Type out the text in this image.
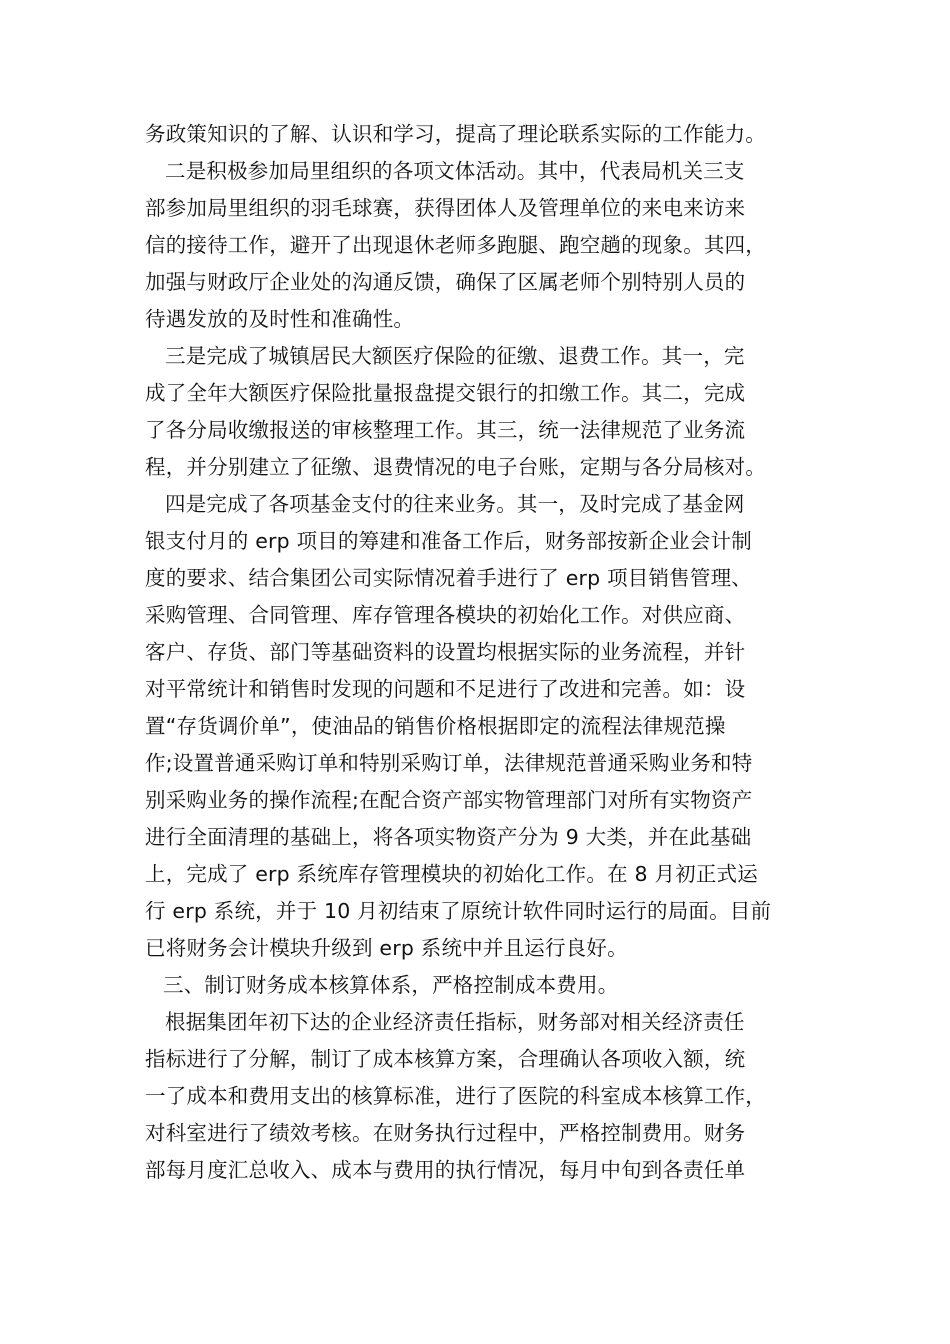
务政策知识的了解、认识和学习，提高了理论联系实际的工作能力。
二是积极参加局里组织的各项文体活动。其中，代表局机关三支
部参加局里组织的羽毛球赛，获得团体人及管理单位的来电来访来
信的接待工作，避开了出现退休老师多跑腿、跑空趟的现象。其四，
加强与财政厅企业处的沟通反馈，确保了区属老师个别特别人员的
待遇发放的及时性和准确性。
三是完成了城镇居民大额医疗保险的征缴、退费工作。其一，完
成了全年大额医疗保险批量报盘提交银行的扣缴工作。其二，完成
了各分局收缴报送的审核整理工作。其三，统一法律规范了业务流
程，并分别建立了征缴、退费情况的电子台账，定期与各分局核对。
四是完成了各项基金支付的往来业务。其一，及时完成了基金网
银支付月的 erp 项目的筹建和准备工作后，财务部按新企业会计制
度的要求、结合集团公司实际情况着手进行了 erp 项目销售管理、
采购管理、合同管理、库存管理各模块的初始化工作。对供应商、
客户、存货、部门等基础资料的设置均根据实际的业务流程，并针
对平常统计和销售时发现的问题和不足进行了改进和完善。如：设
置“存货调价单”，使油品的销售价格根据即定的流程法律规范操
作;设置普通采购订单和特别采购订单，法律规范普通采购业务和特
别采购业务的操作流程;在配合资产部实物管理部门对所有实物资产
进行全面清理的基础上，将各项实物资产分为 9 大类，并在此基础
上，完成了 erp 系统库存管理模块的初始化工作。在 8 月初正式运
行 erp 系统，并于 10 月初结束了原统计软件同时运行的局面。目前
已将财务会计模块升级到 erp 系统中并且运行良好。
三、制订财务成本核算体系，严格控制成本费用。
根据集团年初下达的企业经济责任指标，财务部对相关经济责任
指标进行了分解，制订了成本核算方案，合理确认各项收入额，统
一了成本和费用支出的核算标准，进行了医院的科室成本核算工作，
对科室进行了绩效考核。在财务执行过程中，严格控制费用。财务
部每月度汇总收入、成本与费用的执行情况，每月中旬到各责任单
